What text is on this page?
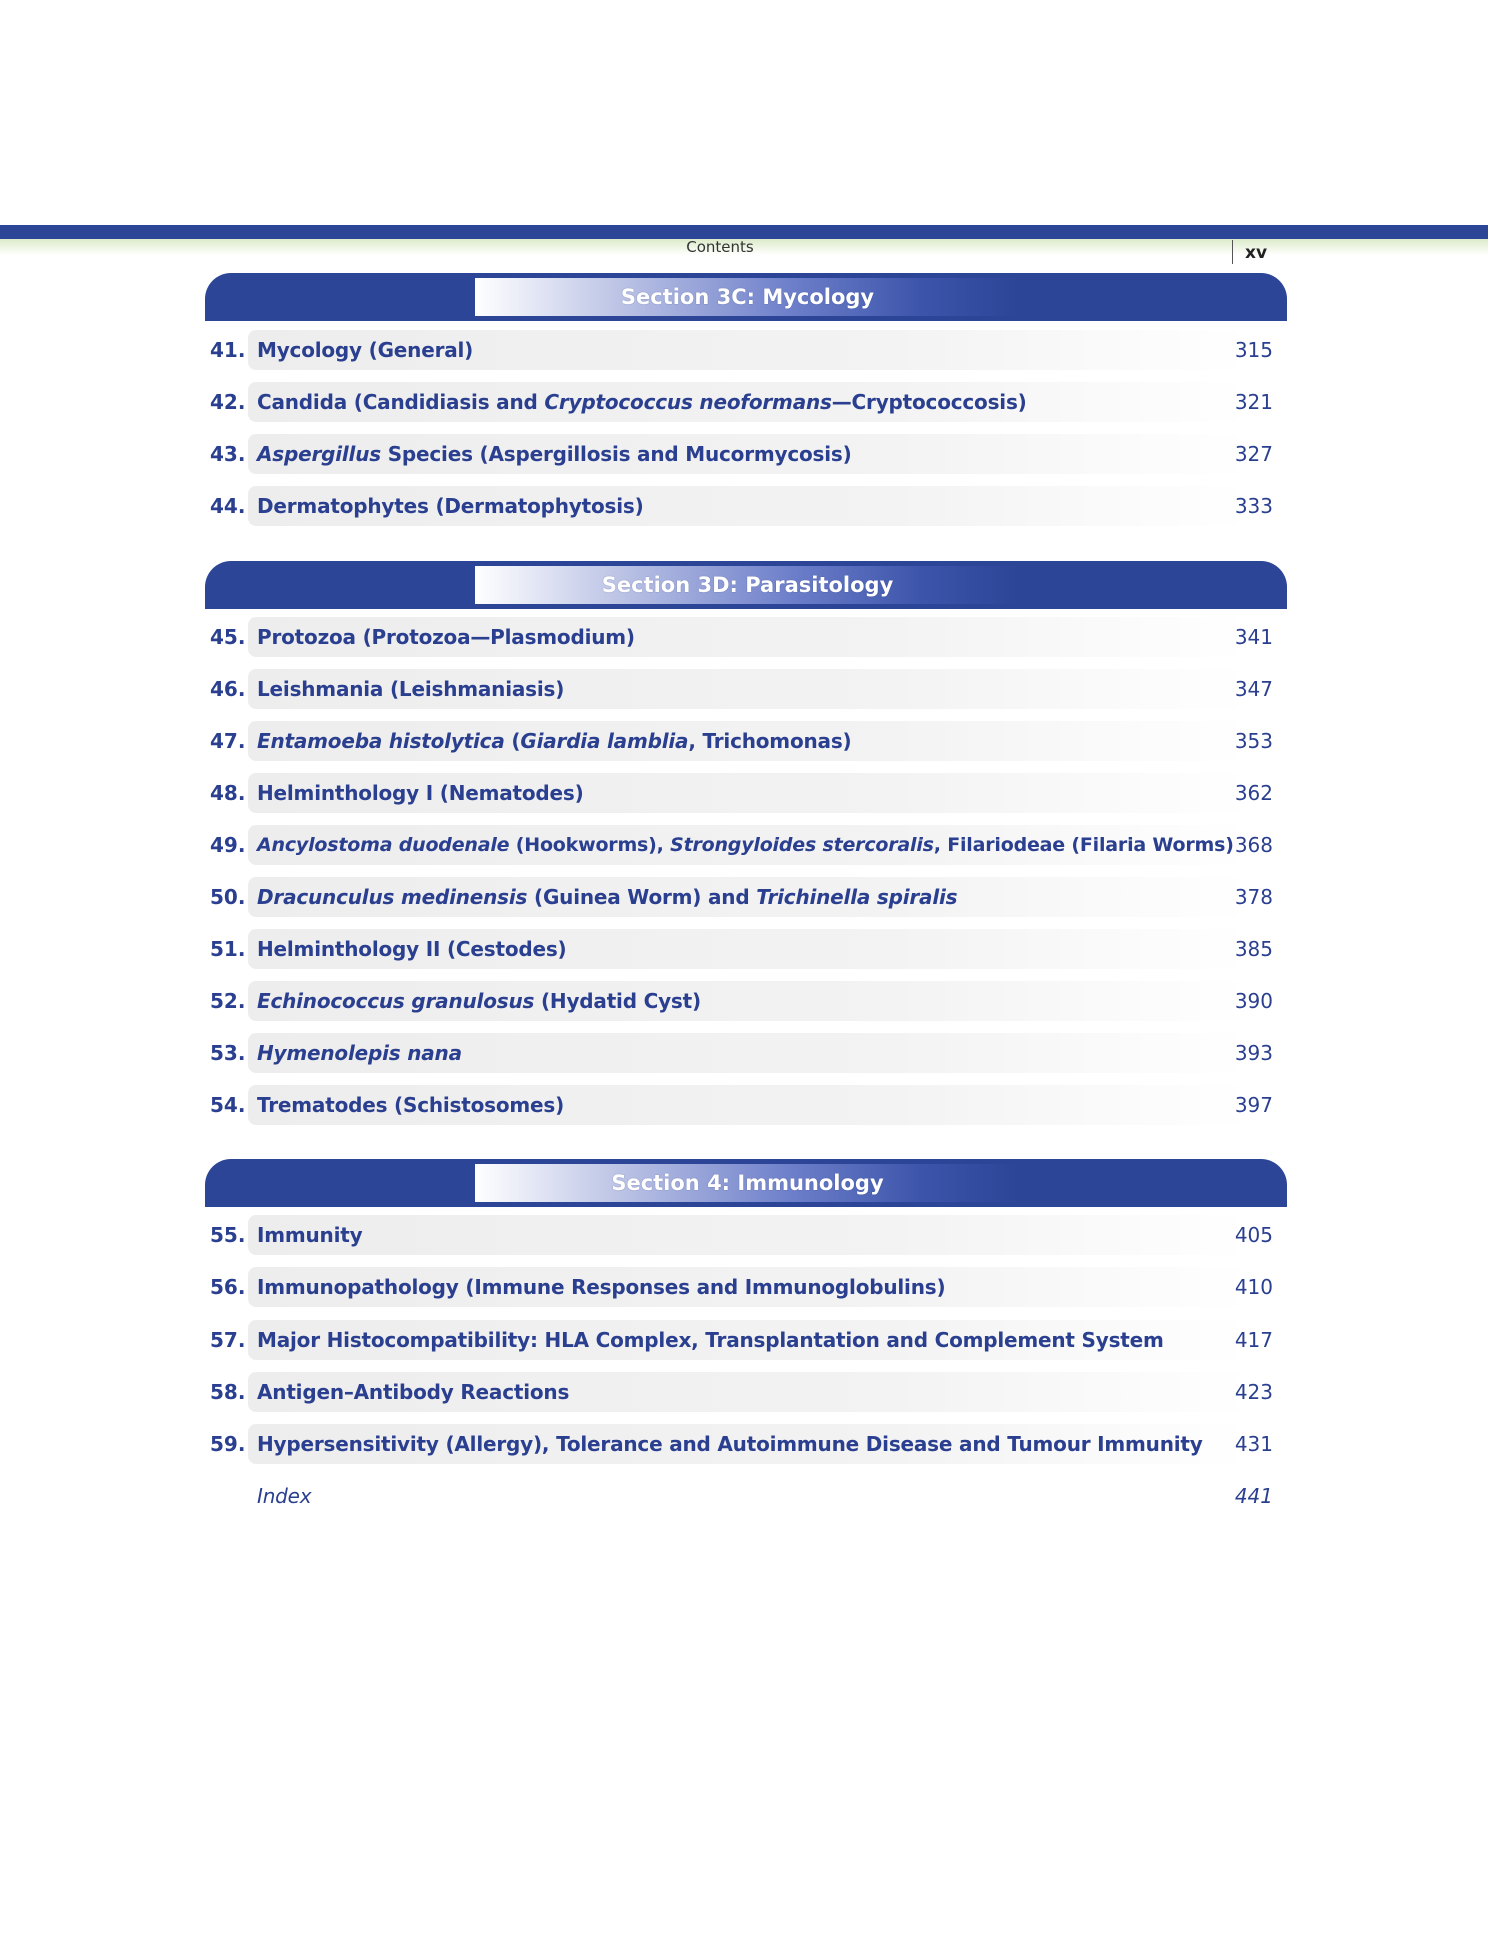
Contents	xv
Section 3C: Mycology
41. Mycology (General)	315
42. Candida (Candidiasis and Cryptococcus neoformans—Cryptococcosis)	321
43. Aspergillus Species (Aspergillosis and Mucormycosis)	327
44. Dermatophytes (Dermatophytosis)	333
Section 3D: Parasitology
45. Protozoa (Protozoa—Plasmodium)	341
46. Leishmania (Leishmaniasis)	347
47. Entamoeba histolytica (Giardia lamblia, Trichomonas)	353
48. Helminthology I (Nematodes)	362
49. Ancylostoma duodenale (Hookworms), Strongyloides stercoralis, Filariodeae (Filaria Worms) 368
50. Dracunculus medinensis (Guinea Worm) and Trichinella spiralis	378
51. Helminthology II (Cestodes)	385
52. Echinococcus granulosus (Hydatid Cyst)	390
53. Hymenolepis nana	393
54. Trematodes (Schistosomes)	397
Section 4: Immunology
55. Immunity	405
56. Immunopathology (Immune Responses and Immunoglobulins)	410
57. Major Histocompatibility: HLA Complex, Transplantation and Complement System	417
58. Antigen–Antibody Reactions	423
59. Hypersensitivity (Allergy), Tolerance and Autoimmune Disease and Tumour Immunity 431
Index	441
